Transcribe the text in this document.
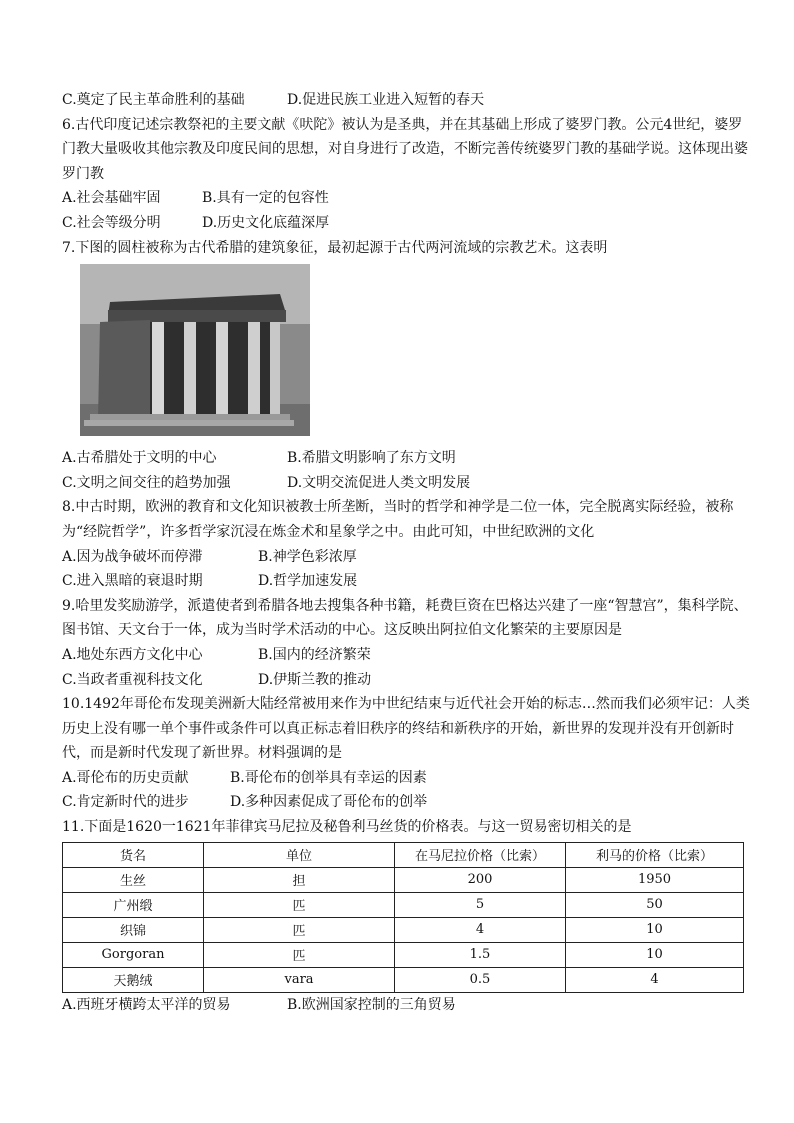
C.奠定了民主革命胜利的基础	D.促进民族工业进入短暂的春天
6.古代印度记述宗教祭祀的主要文献《吠陀》被认为是圣典，并在其基础上形成了婆罗门教。公元4世纪，婆罗门教大量吸收其他宗教及印度民间的思想，对自身进行了改造，不断完善传统婆罗门教的基础学说。这体现出婆罗门教
A.社会基础牢固	B.具有一定的包容性
C.社会等级分明	D.历史文化底蕴深厚
7.下图的圆柱被称为古代希腊的建筑象征，最初起源于古代两河流域的宗教艺术。这表明
A.古希腊处于文明的中心	B.希腊文明影响了东方文明
C.文明之间交往的趋势加强	D.文明交流促进人类文明发展
8.中古时期，欧洲的教育和文化知识被教士所垄断，当时的哲学和神学是二位一体，完全脱离实际经验，被称为“经院哲学”，许多哲学家沉浸在炼金术和星象学之中。由此可知，中世纪欧洲的文化
A.因为战争破坏而停滞	B.神学色彩浓厚
C.进入黑暗的衰退时期	D.哲学加速发展
9.哈里发奖励游学，派遣使者到希腊各地去搜集各种书籍，耗费巨资在巴格达兴建了一座“智慧宫”，集科学院、图书馆、天文台于一体，成为当时学术活动的中心。这反映出阿拉伯文化繁荣的主要原因是
A.地处东西方文化中心	B.国内的经济繁荣
C.当政者重视科技文化	D.伊斯兰教的推动
10.1492年哥伦布发现美洲新大陆经常被用来作为中世纪结束与近代社会开始的标志…然而我们必须牢记：人类历史上没有哪一单个事件或条件可以真正标志着旧秩序的终结和新秩序的开始，新世界的发现并没有开创新时代，而是新时代发现了新世界。材料强调的是
A.哥伦布的历史贡献	B.哥伦布的创举具有幸运的因素
C.肯定新时代的进步	D.多种因素促成了哥伦布的创举
11.下面是1620一1621年菲律宾马尼拉及秘鲁利马丝货的价格表。与这一贸易密切相关的是
货名	单位	在马尼拉价格（比索）	利马的价格（比索）
生丝	担	200	1950
广州缎	匹	5	50
织锦	匹	4	10
Gorgoran	匹	1.5	10
天鹅绒	vara	0.5	4
A.西班牙横跨太平洋的贸易	B.欧洲国家控制的三角贸易
